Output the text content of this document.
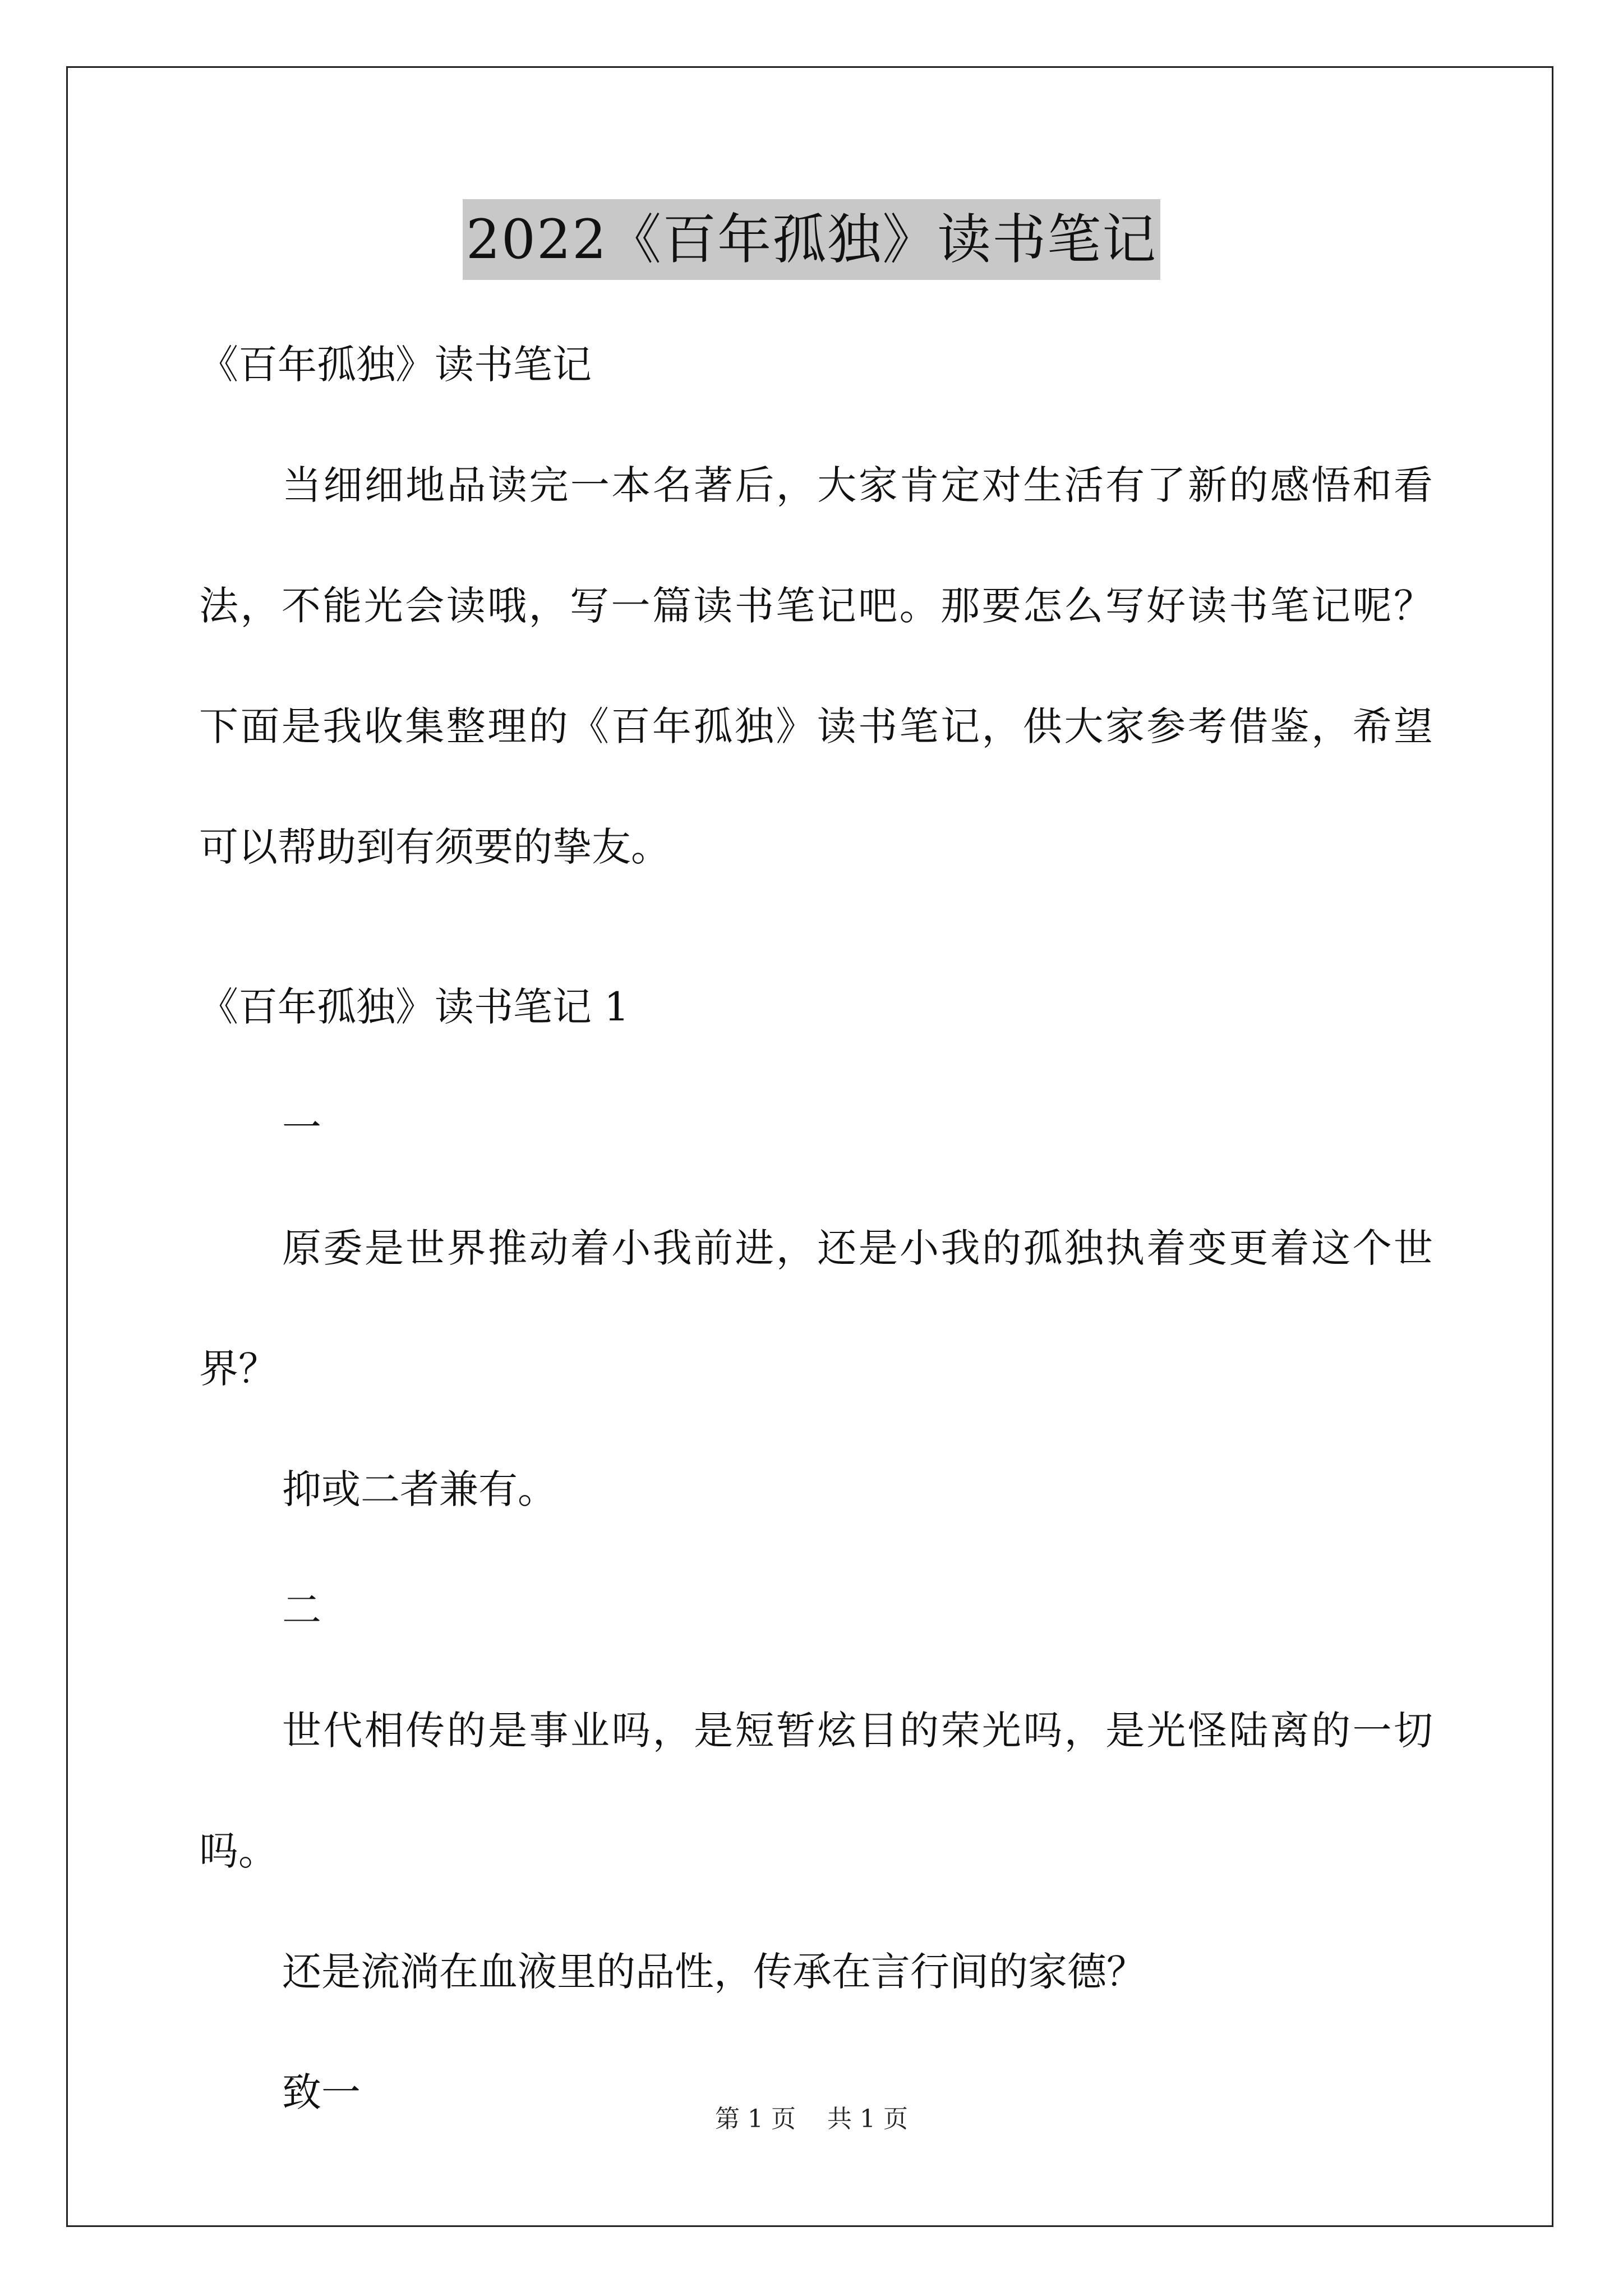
2022《百年孤独》读书笔记
《百年孤独》读书笔记
当细细地品读完一本名著后，大家肯定对生活有了新的感悟和看
法，不能光会读哦，写一篇读书笔记吧。那要怎么写好读书笔记呢？
下面是我收集整理的《百年孤独》读书笔记，供大家参考借鉴，希望
可以帮助到有须要的挚友。
《百年孤独》读书笔记 1
一
原委是世界推动着小我前进，还是小我的孤独执着变更着这个世
界？
抑或二者兼有。
二
世代相传的是事业吗，是短暂炫目的荣光吗，是光怪陆离的一切
吗。
还是流淌在血液里的品性，传承在言行间的家德？
致一
第 1 页 共 1 页
